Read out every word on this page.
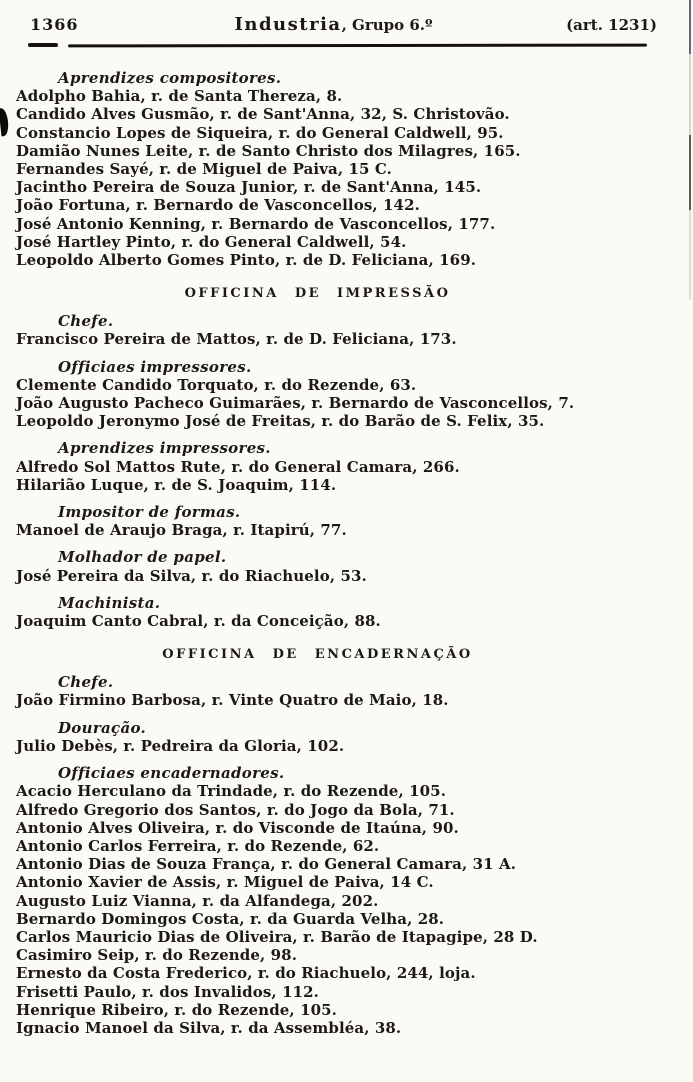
1366	Industria, Grupo 6.º	(art. 1231)
Aprendizes compositores.
Adolpho Bahia, r. de Santa Thereza, 8.
Candido Alves Gusmão, r. de Sant'Anna, 32, S. Christovão.
Constancio Lopes de Siqueira, r. do General Caldwell, 95.
Damião Nunes Leite, r. de Santo Christo dos Milagres, 165.
Fernandes Sayé, r. de Miguel de Paiva, 15 C.
Jacintho Pereira de Souza Junior, r. de Sant'Anna, 145.
João Fortuna, r. Bernardo de Vasconcellos, 142.
José Antonio Kenning, r. Bernardo de Vasconcellos, 177.
José Hartley Pinto, r. do General Caldwell, 54.
Leopoldo Alberto Gomes Pinto, r. de D. Feliciana, 169.
OFFICINA DE IMPRESSÃO
Chefe.
Francisco Pereira de Mattos, r. de D. Feliciana, 173.
Officiaes impressores.
Clemente Candido Torquato, r. do Rezende, 63.
João Augusto Pacheco Guimarães, r. Bernardo de Vasconcellos, 7.
Leopoldo Jeronymo José de Freitas, r. do Barão de S. Felix, 35.
Aprendizes impressores.
Alfredo Sol Mattos Rute, r. do General Camara, 266.
Hilarião Luque, r. de S. Joaquim, 114.
Impositor de formas.
Manoel de Araujo Braga, r. Itapirú, 77.
Molhador de papel.
José Pereira da Silva, r. do Riachuelo, 53.
Machinista.
Joaquim Canto Cabral, r. da Conceição, 88.
OFFICINA DE ENCADERNAÇÃO
Chefe.
João Firmino Barbosa, r. Vinte Quatro de Maio, 18.
Douração.
Julio Debès, r. Pedreira da Gloria, 102.
Officiaes encadernadores.
Acacio Herculano da Trindade, r. do Rezende, 105.
Alfredo Gregorio dos Santos, r. do Jogo da Bola, 71.
Antonio Alves Oliveira, r. do Visconde de Itaúna, 90.
Antonio Carlos Ferreira, r. do Rezende, 62.
Antonio Dias de Souza França, r. do General Camara, 31 A.
Antonio Xavier de Assis, r. Miguel de Paiva, 14 C.
Augusto Luiz Vianna, r. da Alfandega, 202.
Bernardo Domingos Costa, r. da Guarda Velha, 28.
Carlos Mauricio Dias de Oliveira, r. Barão de Itapagipe, 28 D.
Casimiro Seip, r. do Rezende, 98.
Ernesto da Costa Frederico, r. do Riachuelo, 244, loja.
Frisetti Paulo, r. dos Invalidos, 112.
Henrique Ribeiro, r. do Rezende, 105.
Ignacio Manoel da Silva, r. da Assembléa, 38.
